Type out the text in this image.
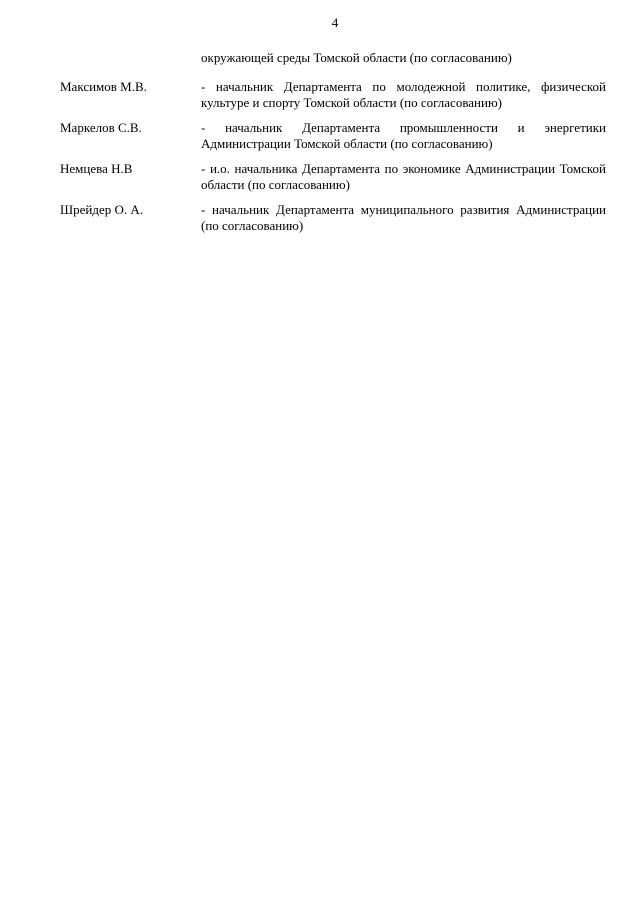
4
окружающей среды Томской области (по согласованию)
Максимов М.В.	- начальник Департамента по молодежной политике, физической культуре и спорту Томской области (по согласованию)
Маркелов С.В.	- начальник Департамента промышленности и энергетики Администрации Томской области (по согласованию)
Немцева Н.В	- и.о. начальника Департамента по экономике Администрации Томской области (по согласованию)
Шрейдер О. А.	- начальник Департамента муниципального развития Администрации (по согласованию)
